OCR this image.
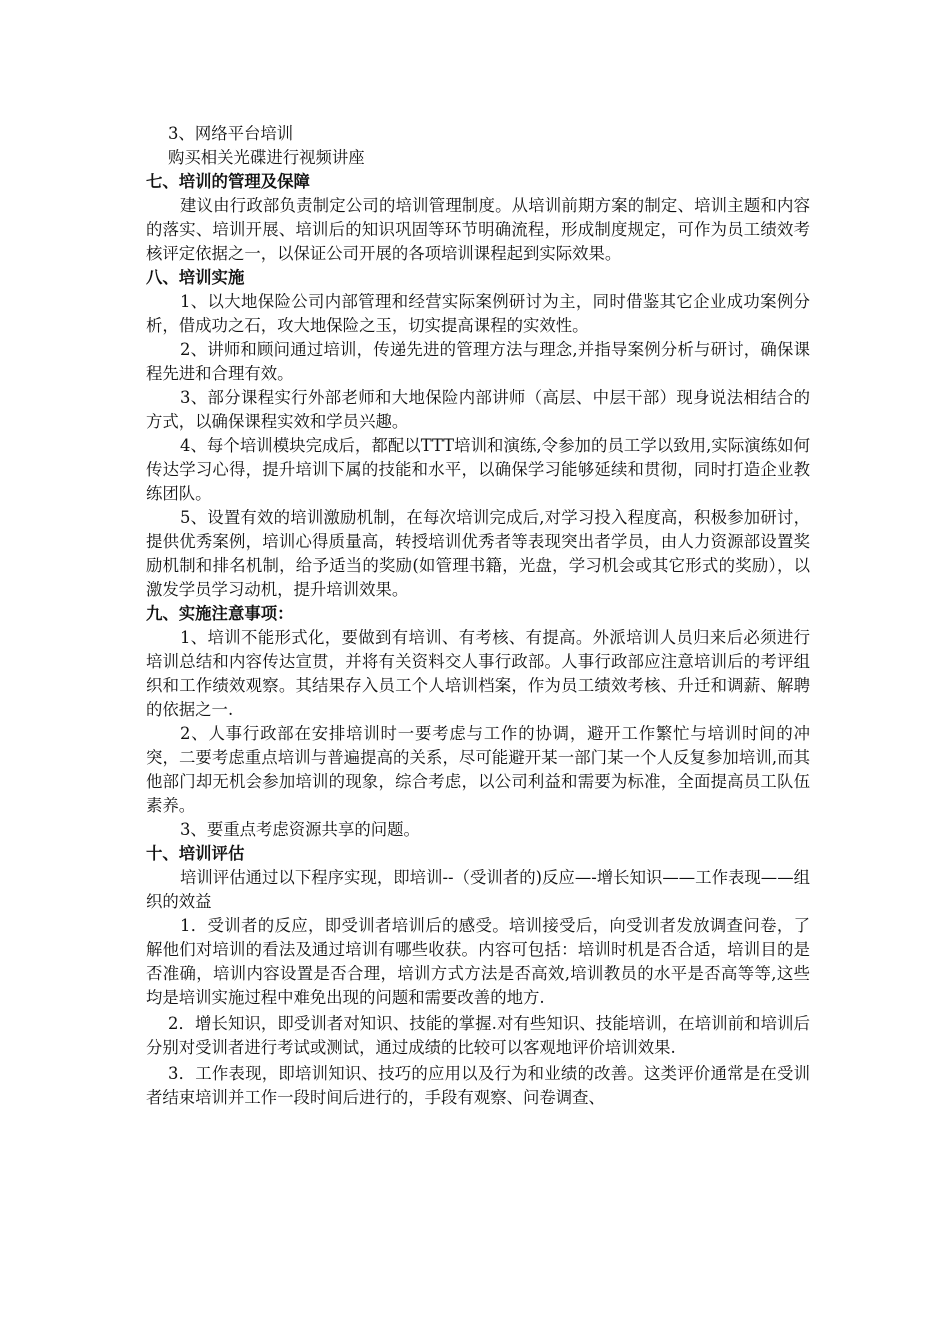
3、网络平台培训

购买相关光碟进行视频讲座

七、培训的管理及保障

建议由行政部负责制定公司的培训管理制度。从培训前期方案的制定、培训主题和内容的落实、培训开展、培训后的知识巩固等环节明确流程，形成制度规定，可作为员工绩效考核评定依据之一，以保证公司开展的各项培训课程起到实际效果。

八、培训实施

1、以大地保险公司内部管理和经营实际案例研讨为主，同时借鉴其它企业成功案例分析，借成功之石，攻大地保险之玉，切实提高课程的实效性。

2、讲师和顾问通过培训，传递先进的管理方法与理念,并指导案例分析与研讨，确保课程先进和合理有效。

3、部分课程实行外部老师和大地保险内部讲师（高层、中层干部）现身说法相结合的方式，以确保课程实效和学员兴趣。

4、每个培训模块完成后，都配以TTT培训和演练,令参加的员工学以致用,实际演练如何传达学习心得，提升培训下属的技能和水平，以确保学习能够延续和贯彻，同时打造企业教练团队。

5、设置有效的培训激励机制，在每次培训完成后,对学习投入程度高，积极参加研讨，提供优秀案例，培训心得质量高，转授培训优秀者等表现突出者学员，由人力资源部设置奖励机制和排名机制，给予适当的奖励(如管理书籍，光盘，学习机会或其它形式的奖励），以激发学员学习动机，提升培训效果。

九、实施注意事项：

1、培训不能形式化，要做到有培训、有考核、有提高。外派培训人员归来后必须进行培训总结和内容传达宣贯，并将有关资料交人事行政部。人事行政部应注意培训后的考评组织和工作绩效观察。其结果存入员工个人培训档案，作为员工绩效考核、升迁和调薪、解聘的依据之一.

2、人事行政部在安排培训时一要考虑与工作的协调，避开工作繁忙与培训时间的冲突，二要考虑重点培训与普遍提高的关系，尽可能避开某一部门某一个人反复参加培训,而其他部门却无机会参加培训的现象，综合考虑，以公司利益和需要为标准，全面提高员工队伍素养。

3、要重点考虑资源共享的问题。

十、培训评估

培训评估通过以下程序实现，即培训--（受训者的)反应—-增长知识——工作表现——组织的效益

1．受训者的反应，即受训者培训后的感受。培训接受后，向受训者发放调查问卷，了解他们对培训的看法及通过培训有哪些收获。内容可包括：培训时机是否合适，培训目的是否准确，培训内容设置是否合理，培训方式方法是否高效,培训教员的水平是否高等等,这些均是培训实施过程中难免出现的问题和需要改善的地方.

2．增长知识，即受训者对知识、技能的掌握.对有些知识、技能培训，在培训前和培训后分别对受训者进行考试或测试，通过成绩的比较可以客观地评价培训效果.

3．工作表现，即培训知识、技巧的应用以及行为和业绩的改善。这类评价通常是在受训者结束培训并工作一段时间后进行的，手段有观察、问卷调查、
